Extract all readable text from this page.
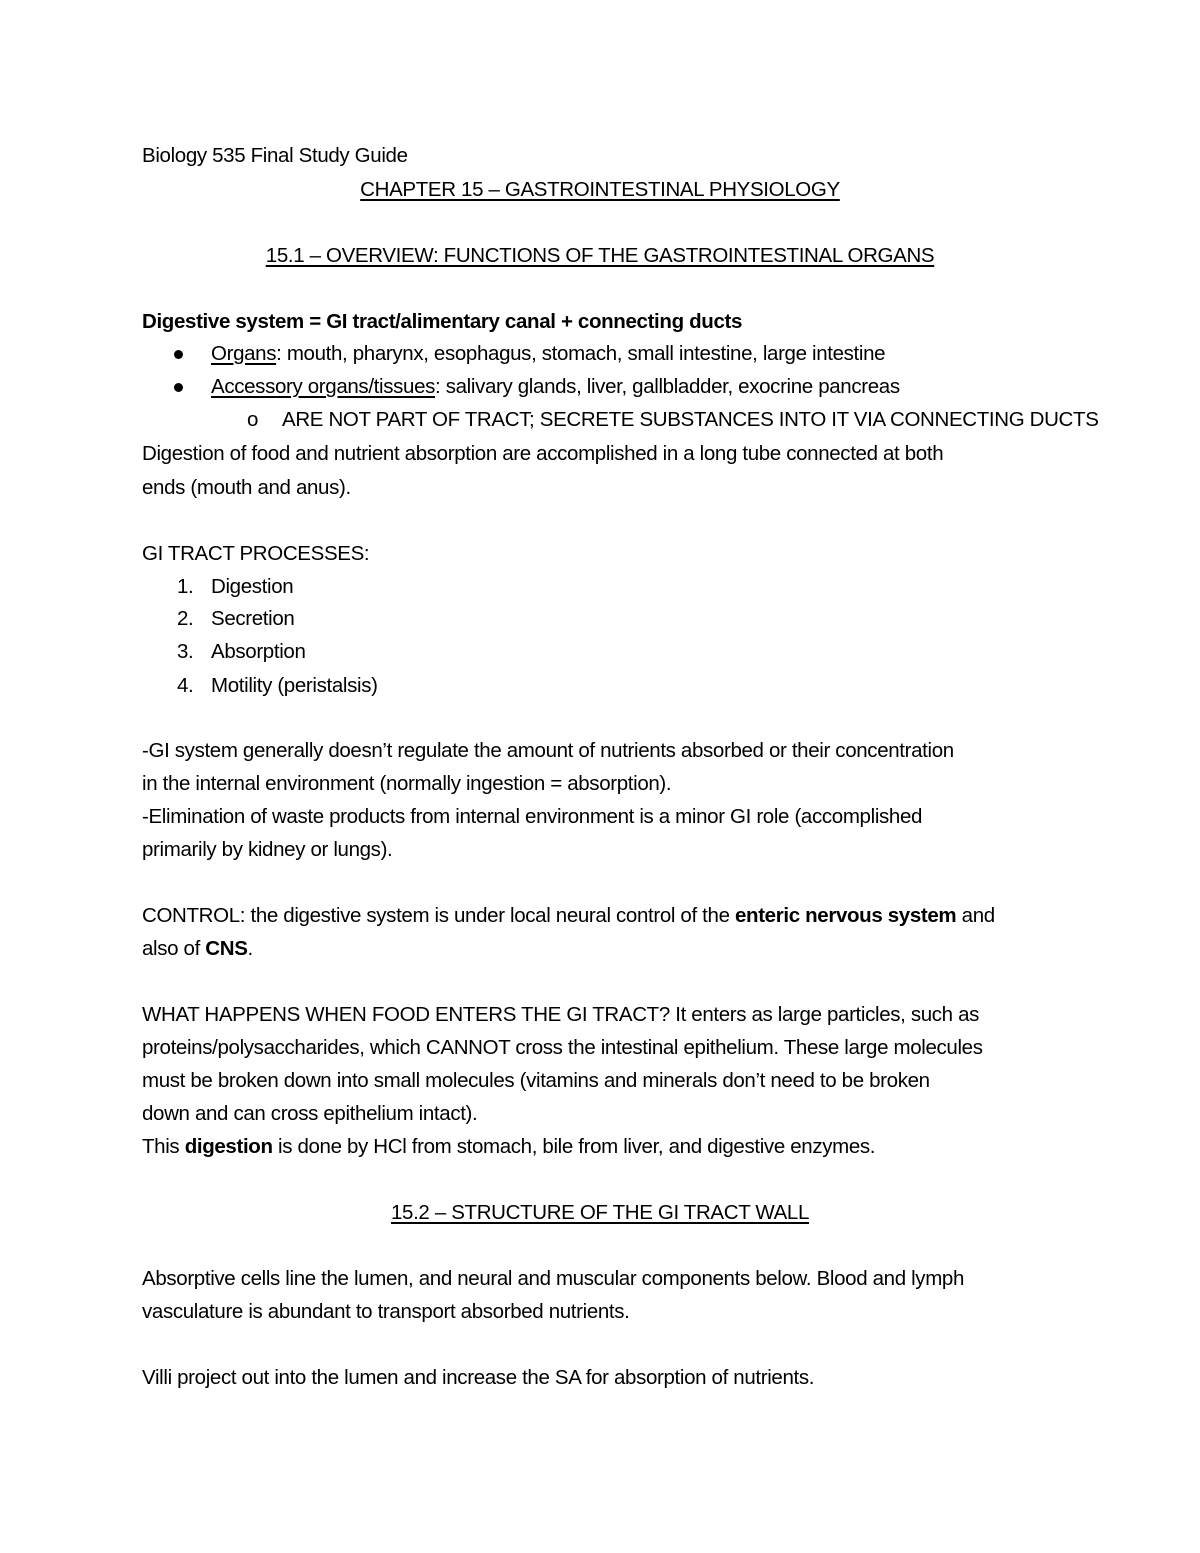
Biology 535 Final Study Guide
CHAPTER 15 – GASTROINTESTINAL PHYSIOLOGY
15.1 – OVERVIEW: FUNCTIONS OF THE GASTROINTESTINAL ORGANS
Digestive system = GI tract/alimentary canal + connecting ducts
Organs: mouth, pharynx, esophagus, stomach, small intestine, large intestine
Accessory organs/tissues: salivary glands, liver, gallbladder, exocrine pancreas
o ARE NOT PART OF TRACT; SECRETE SUBSTANCES INTO IT VIA CONNECTING DUCTS
Digestion of food and nutrient absorption are accomplished in a long tube connected at both
ends (mouth and anus).
GI TRACT PROCESSES:
1. Digestion
2. Secretion
3. Absorption
4. Motility (peristalsis)
-GI system generally doesn’t regulate the amount of nutrients absorbed or their concentration
in the internal environment (normally ingestion = absorption).
-Elimination of waste products from internal environment is a minor GI role (accomplished
primarily by kidney or lungs).
CONTROL: the digestive system is under local neural control of the enteric nervous system and
also of CNS.
WHAT HAPPENS WHEN FOOD ENTERS THE GI TRACT? It enters as large particles, such as
proteins/polysaccharides, which CANNOT cross the intestinal epithelium. These large molecules
must be broken down into small molecules (vitamins and minerals don’t need to be broken
down and can cross epithelium intact).
This digestion is done by HCl from stomach, bile from liver, and digestive enzymes.
15.2 – STRUCTURE OF THE GI TRACT WALL
Absorptive cells line the lumen, and neural and muscular components below. Blood and lymph
vasculature is abundant to transport absorbed nutrients.
Villi project out into the lumen and increase the SA for absorption of nutrients.
